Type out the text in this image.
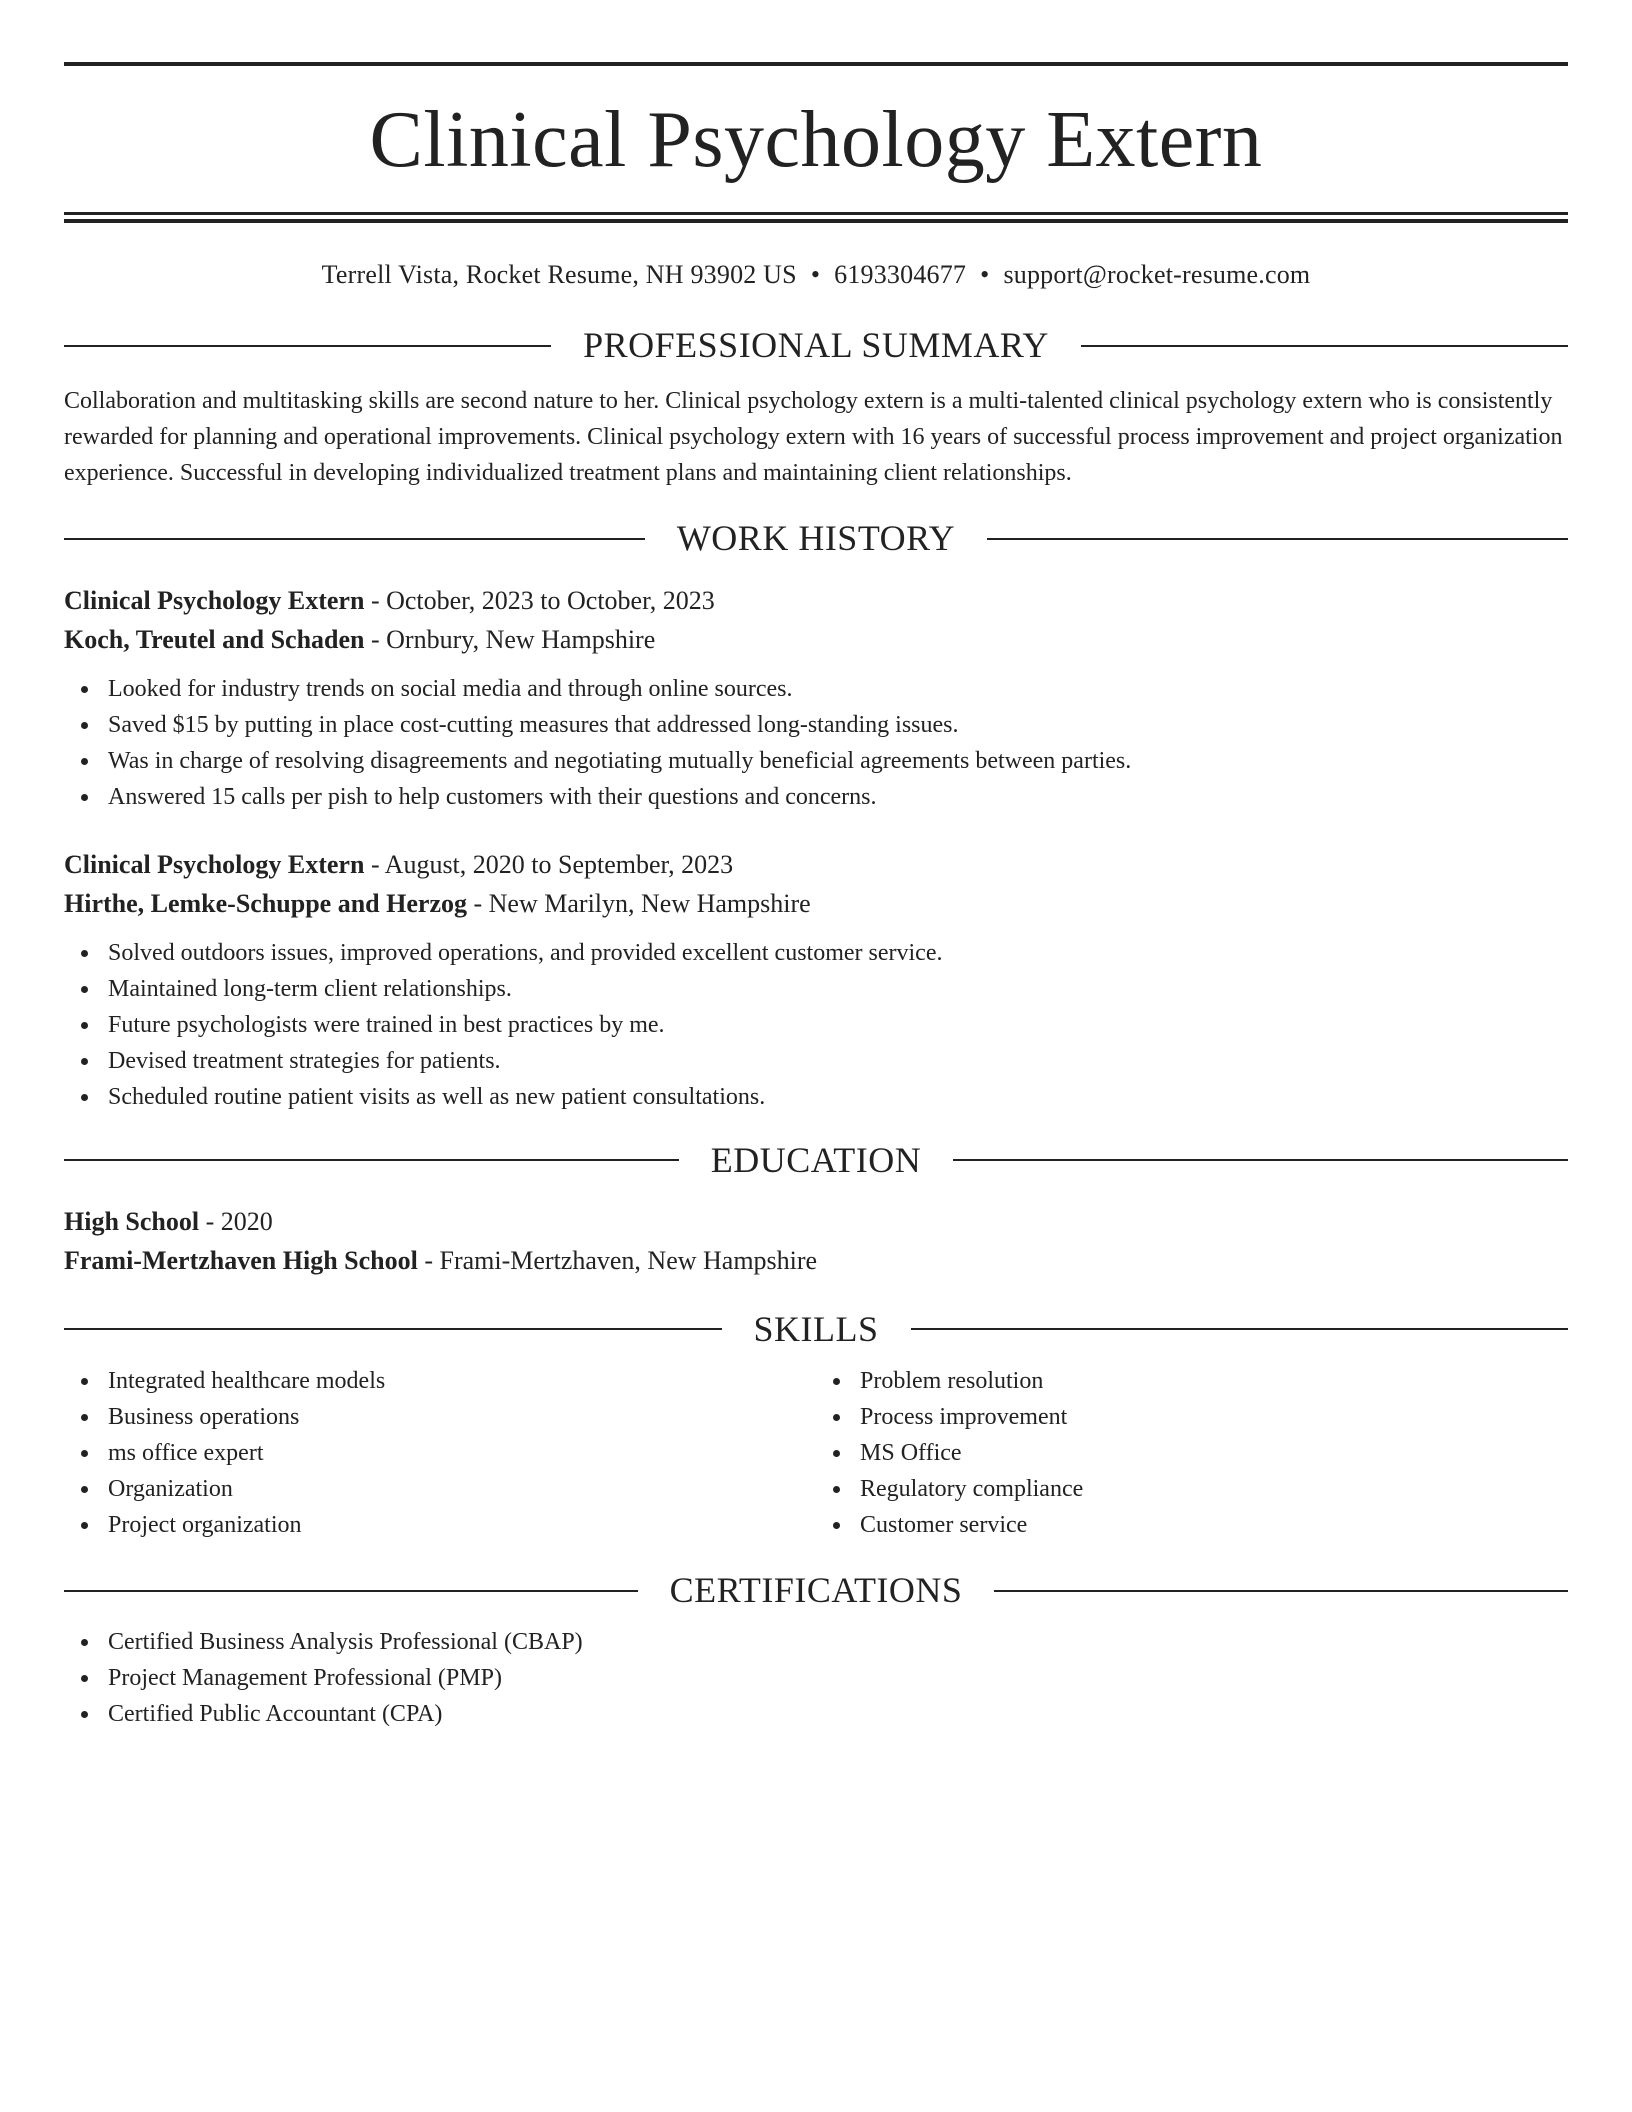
Clinical Psychology Extern
Terrell Vista, Rocket Resume, NH 93902 US • 6193304677 • support@rocket-resume.com
PROFESSIONAL SUMMARY

Collaboration and multitasking skills are second nature to her. Clinical psychology extern is a multi-talented clinical psychology extern who is consistently rewarded for planning and operational improvements. Clinical psychology extern with 16 years of successful process improvement and project organization experience. Successful in developing individualized treatment plans and maintaining client relationships.

WORK HISTORY
Clinical Psychology Extern - October, 2023 to October, 2023
Koch, Treutel and Schaden - Ornbury, New Hampshire
Looked for industry trends on social media and through online sources.
Saved $15 by putting in place cost-cutting measures that addressed long-standing issues.
Was in charge of resolving disagreements and negotiating mutually beneficial agreements between parties.
Answered 15 calls per pish to help customers with their questions and concerns.
Clinical Psychology Extern - August, 2020 to September, 2023
Hirthe, Lemke-Schuppe and Herzog - New Marilyn, New Hampshire
Solved outdoors issues, improved operations, and provided excellent customer service.
Maintained long-term client relationships.
Future psychologists were trained in best practices by me.
Devised treatment strategies for patients.
Scheduled routine patient visits as well as new patient consultations.
EDUCATION
High School - 2020
Frami-Mertzhaven High School - Frami-Mertzhaven, New Hampshire
SKILLS
Integrated healthcare models
Business operations
ms office expert
Organization
Project organization
Problem resolution
Process improvement
MS Office
Regulatory compliance
Customer service
CERTIFICATIONS
Certified Business Analysis Professional (CBAP)
Project Management Professional (PMP)
Certified Public Accountant (CPA)
